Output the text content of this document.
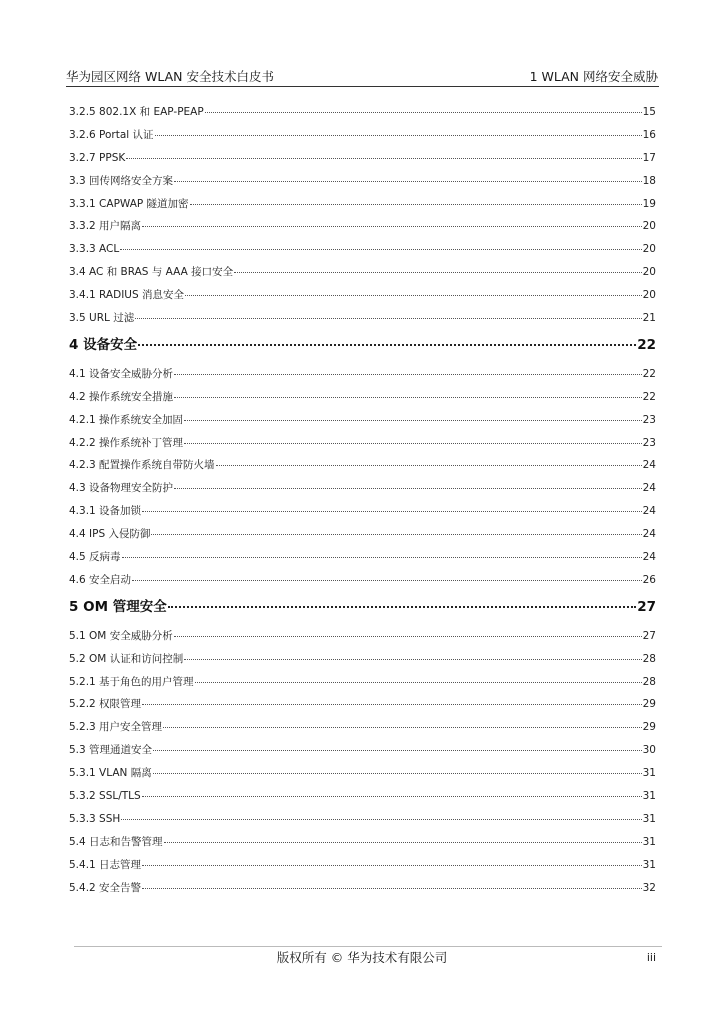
华为园区网络 WLAN 安全技术白皮书	1 WLAN 网络安全威胁
3.2.5 802.1X 和 EAP-PEAP	15
3.2.6 Portal 认证	16
3.2.7 PPSK	17
3.3 回传网络安全方案	18
3.3.1 CAPWAP 隧道加密	19
3.3.2 用户隔离	20
3.3.3 ACL	20
3.4 AC 和 BRAS 与 AAA 接口安全	20
3.4.1 RADIUS 消息安全	20
3.5 URL 过滤	21
4 设备安全	22
4.1 设备安全威胁分析	22
4.2 操作系统安全措施	22
4.2.1 操作系统安全加固	23
4.2.2 操作系统补丁管理	23
4.2.3 配置操作系统自带防火墙	24
4.3 设备物理安全防护	24
4.3.1 设备加锁	24
4.4 IPS 入侵防御	24
4.5 反病毒	24
4.6 安全启动	26
5 OM 管理安全	27
5.1 OM 安全威胁分析	27
5.2 OM 认证和访问控制	28
5.2.1 基于角色的用户管理	28
5.2.2 权限管理	29
5.2.3 用户安全管理	29
5.3 管理通道安全	30
5.3.1 VLAN 隔离	31
5.3.2 SSL/TLS	31
5.3.3 SSH	31
5.4 日志和告警管理	31
5.4.1 日志管理	31
5.4.2 安全告警	32
版权所有 © 华为技术有限公司	iii
